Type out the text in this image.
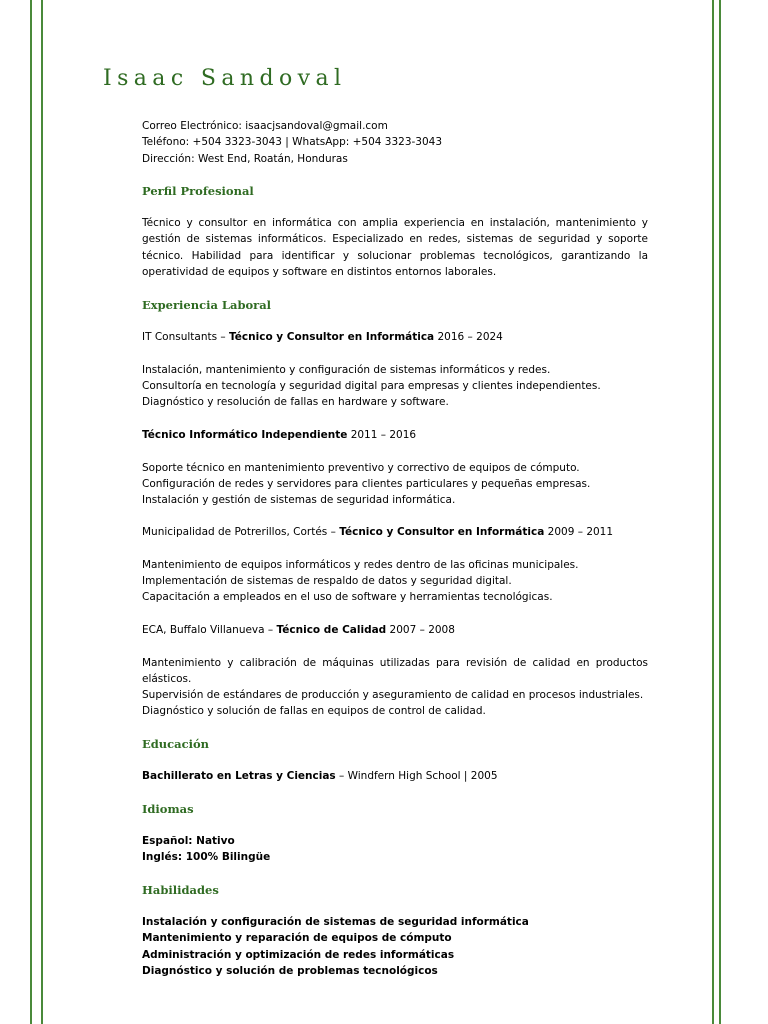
Isaac Sandoval
Correo Electrónico: isaacjsandoval@gmail.com
Teléfono: +504 3323-3043 | WhatsApp: +504 3323-3043
Dirección: West End, Roatán, Honduras
Perfil Profesional
Técnico y consultor en informática con amplia experiencia en instalación, mantenimiento y gestión de sistemas informáticos. Especializado en redes, sistemas de seguridad y soporte técnico. Habilidad para identificar y solucionar problemas tecnológicos, garantizando la operatividad de equipos y software en distintos entornos laborales.
Experiencia Laboral
IT Consultants – Técnico y Consultor en Informática 2016 – 2024
Instalación, mantenimiento y configuración de sistemas informáticos y redes.
Consultoría en tecnología y seguridad digital para empresas y clientes independientes.
Diagnóstico y resolución de fallas en hardware y software.
Técnico Informático Independiente 2011 – 2016
Soporte técnico en mantenimiento preventivo y correctivo de equipos de cómputo.
Configuración de redes y servidores para clientes particulares y pequeñas empresas.
Instalación y gestión de sistemas de seguridad informática.
Municipalidad de Potrerillos, Cortés – Técnico y Consultor en Informática 2009 – 2011
Mantenimiento de equipos informáticos y redes dentro de las oficinas municipales.
Implementación de sistemas de respaldo de datos y seguridad digital.
Capacitación a empleados en el uso de software y herramientas tecnológicas.
ECA, Buffalo Villanueva – Técnico de Calidad 2007 – 2008
Mantenimiento y calibración de máquinas utilizadas para revisión de calidad en productos elásticos.
Supervisión de estándares de producción y aseguramiento de calidad en procesos industriales.
Diagnóstico y solución de fallas en equipos de control de calidad.
Educación
Bachillerato en Letras y Ciencias – Windfern High School | 2005
Idiomas
Español: Nativo
Inglés: 100% Bilingüe
Habilidades
Instalación y configuración de sistemas de seguridad informática
Mantenimiento y reparación de equipos de cómputo
Administración y optimización de redes informáticas
Diagnóstico y solución de problemas tecnológicos
